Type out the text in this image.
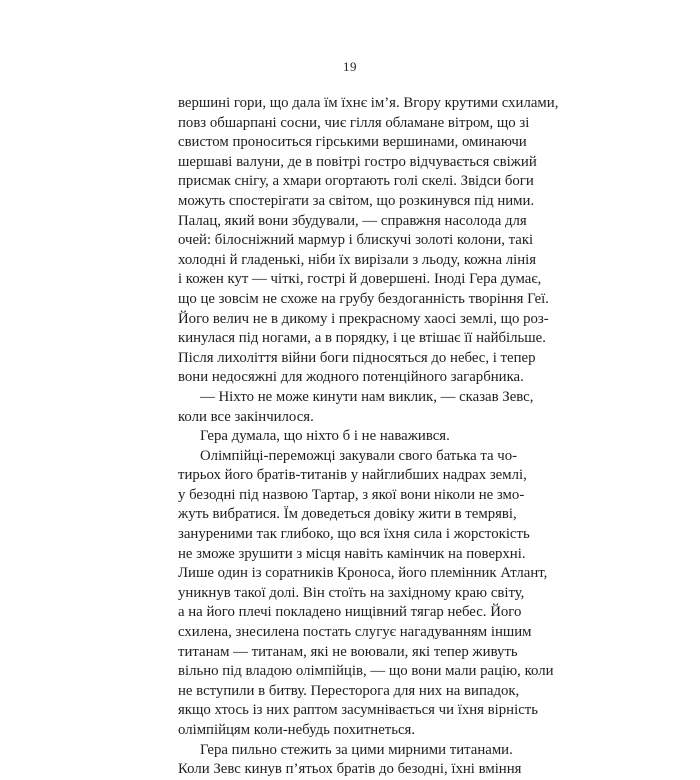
19
вершині гори, що дала їм їхнє ім’я. Вгору крутими схилами,
повз обшарпані сосни, чиє гілля обламане вітром, що зі
свистом проноситься гірськими вершинами, оминаючи
шершаві валуни, де в повітрі гостро відчувається свіжий
присмак снігу, а хмари огортають голі скелі. Звідси боги
можуть спостерігати за світом, що розкинувся під ними.
Палац, який вони збудували, — справжня насолода для
очей: білосніжний мармур і блискучі золоті колони, такі
холодні й гладенькі, ніби їх вирізали з льоду, кожна лінія
і кожен кут — чіткі, гострі й довершені. Іноді Гера думає,
що це зовсім не схоже на грубу бездоганність творіння Геї.
Його велич не в дикому і прекрасному хаосі землі, що роз-
кинулася під ногами, а в порядку, і це втішає її найбільше.
Після лихоліття війни боги підносяться до небес, і тепер
вони недосяжні для жодного потенційного загарбника.
— Ніхто не може кинути нам виклик, — сказав Зевс,
коли все закінчилося.
Гера думала, що ніхто б і не наважився.
Олімпійці-переможці закували свого батька та чо-
тирьох його братів-титанів у найглибших надрах землі,
у безодні під назвою Тартар, з якої вони ніколи не змо-
жуть вибратися. Їм доведеться довіку жити в темряві,
зануреними так глибоко, що вся їхня сила і жорстокість
не зможе зрушити з місця навіть камінчик на поверхні.
Лише один із соратників Кроноса, його племінник Атлант,
уникнув такої долі. Він стоїть на західному краю світу,
а на його плечі покладено нищівний тягар небес. Його
схилена, знесилена постать слугує нагадуванням іншим
титанам — титанам, які не воювали, які тепер живуть
вільно під владою олімпійців, — що вони мали рацію, коли
не вступили в битву. Пересторога для них на випадок,
якщо хтось із них раптом засумнівається чи їхня вірність
олімпійцям коли-небудь похитнеться.
Гера пильно стежить за цими мирними титанами.
Коли Зевс кинув п’ятьох братів до безодні, їхні вміння
